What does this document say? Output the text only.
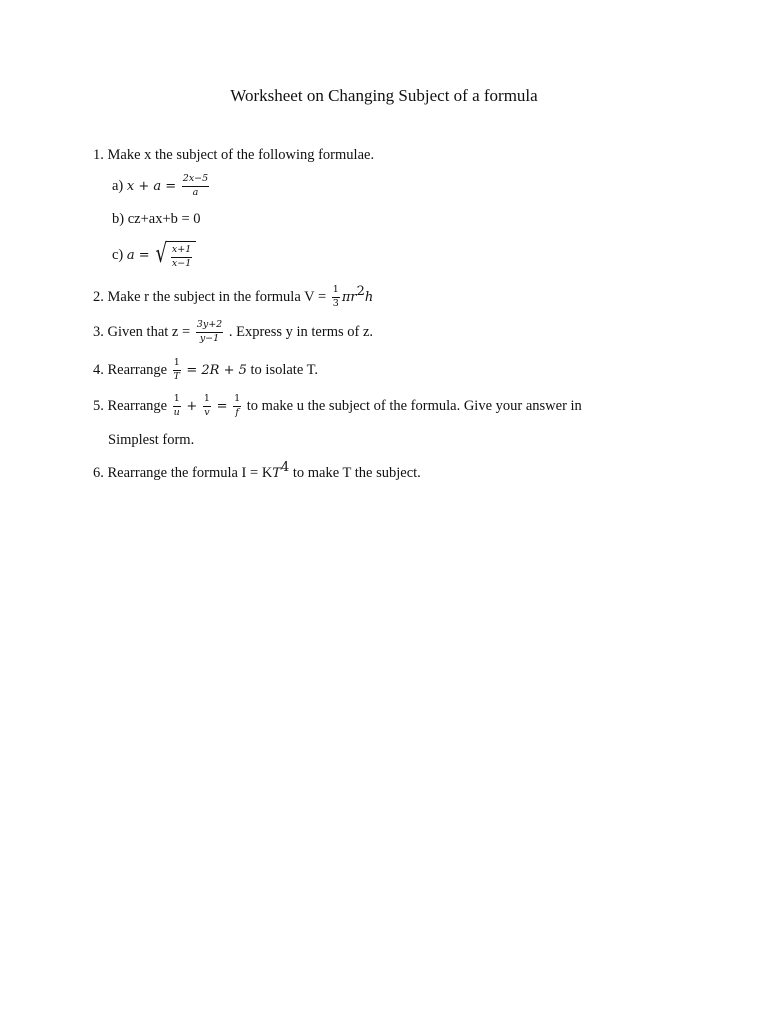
Worksheet on Changing Subject of a formula
1. Make x the subject of the following formulae.
a) $x + a = \frac{2x-5}{a}$
b) cz+ax+b = 0
c) a = √ $\frac{x+1}{x-1}$
2. Make r the subject in the formula $V = \frac{1}{3} \pi r^2h$
3. Given that $z = \frac{3y+2}{y-1}$ . Express y in terms of z.
4. Rearrange $\frac{1}{T} = 2R + 5$ to isolate T.
5. Rearrange $\frac{1}{u} + \frac{1}{v} = \frac{1}{f}$ to make u the subject of the formula. Give your answer in
Simplest form.
6. Rearrange the formula $I = KT^4$ to make T the subject.
